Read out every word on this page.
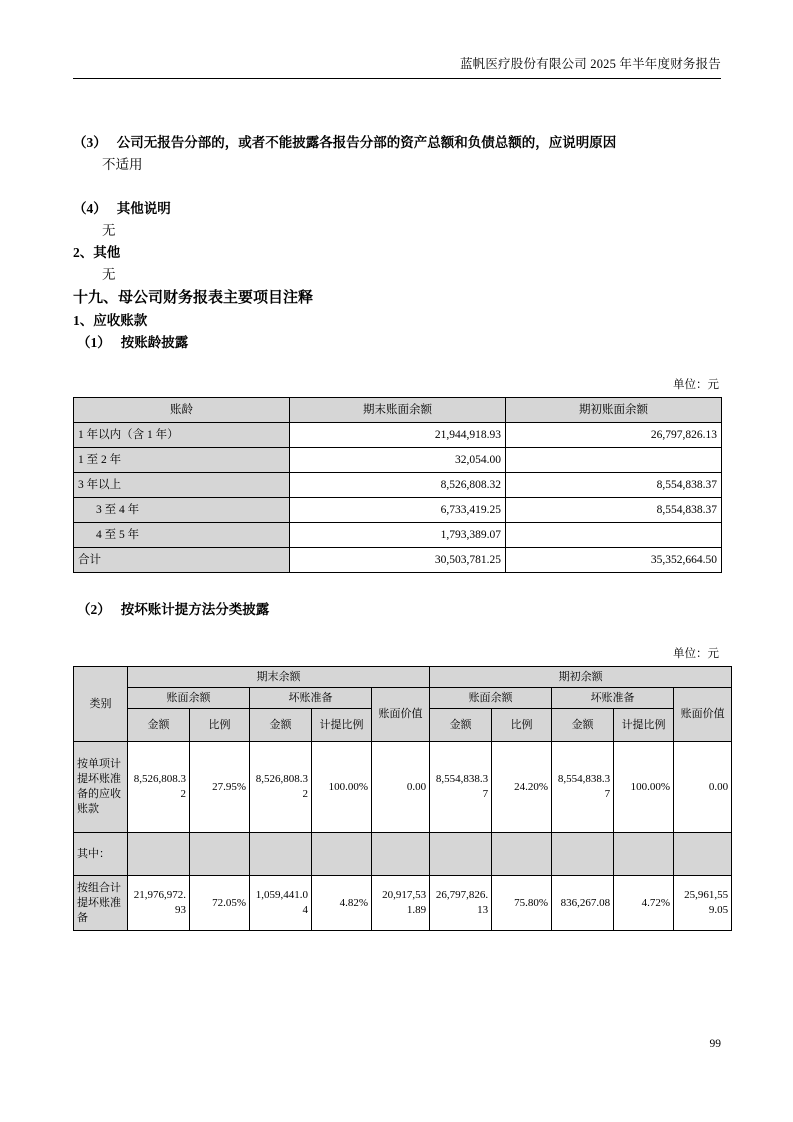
蓝帆医疗股份有限公司 2025 年半年度财务报告

（3） 公司无报告分部的，或者不能披露各报告分部的资产总额和负债总额的，应说明原因

不适用

（4） 其他说明

无

2、其他

无

十九、母公司财务报表主要项目注释

1、应收账款

（1） 按账龄披露

单位：元

账龄	期末账面余额	期初账面余额
1 年以内（含 1 年）	21,944,918.93	26,797,826.13
1 至 2 年	32,054.00	
3 年以上	8,526,808.32	8,554,838.37
3 至 4 年	6,733,419.25	8,554,838.37
4 至 5 年	1,793,389.07	
合计	30,503,781.25	35,352,664.50

（2） 按坏账计提方法分类披露

单位：元

类别	期末余额					期初余额				
	账面余额		坏账准备		账面价值	账面余额		坏账准备		账面价值
	金额	比例	金额	计提比例		金额	比例	金额	计提比例	
按单项计提坏账准备的应收账款	8,526,808.32	27.95%	8,526,808.32	100.00%	0.00	8,554,838.37	24.20%	8,554,838.37	100.00%	0.00
其中：										
按组合计提坏账准备	21,976,972.93	72.05%	1,059,441.04	4.82%	20,917,531.89	26,797,826.13	75.80%	836,267.08	4.72%	25,961,559.05
99
